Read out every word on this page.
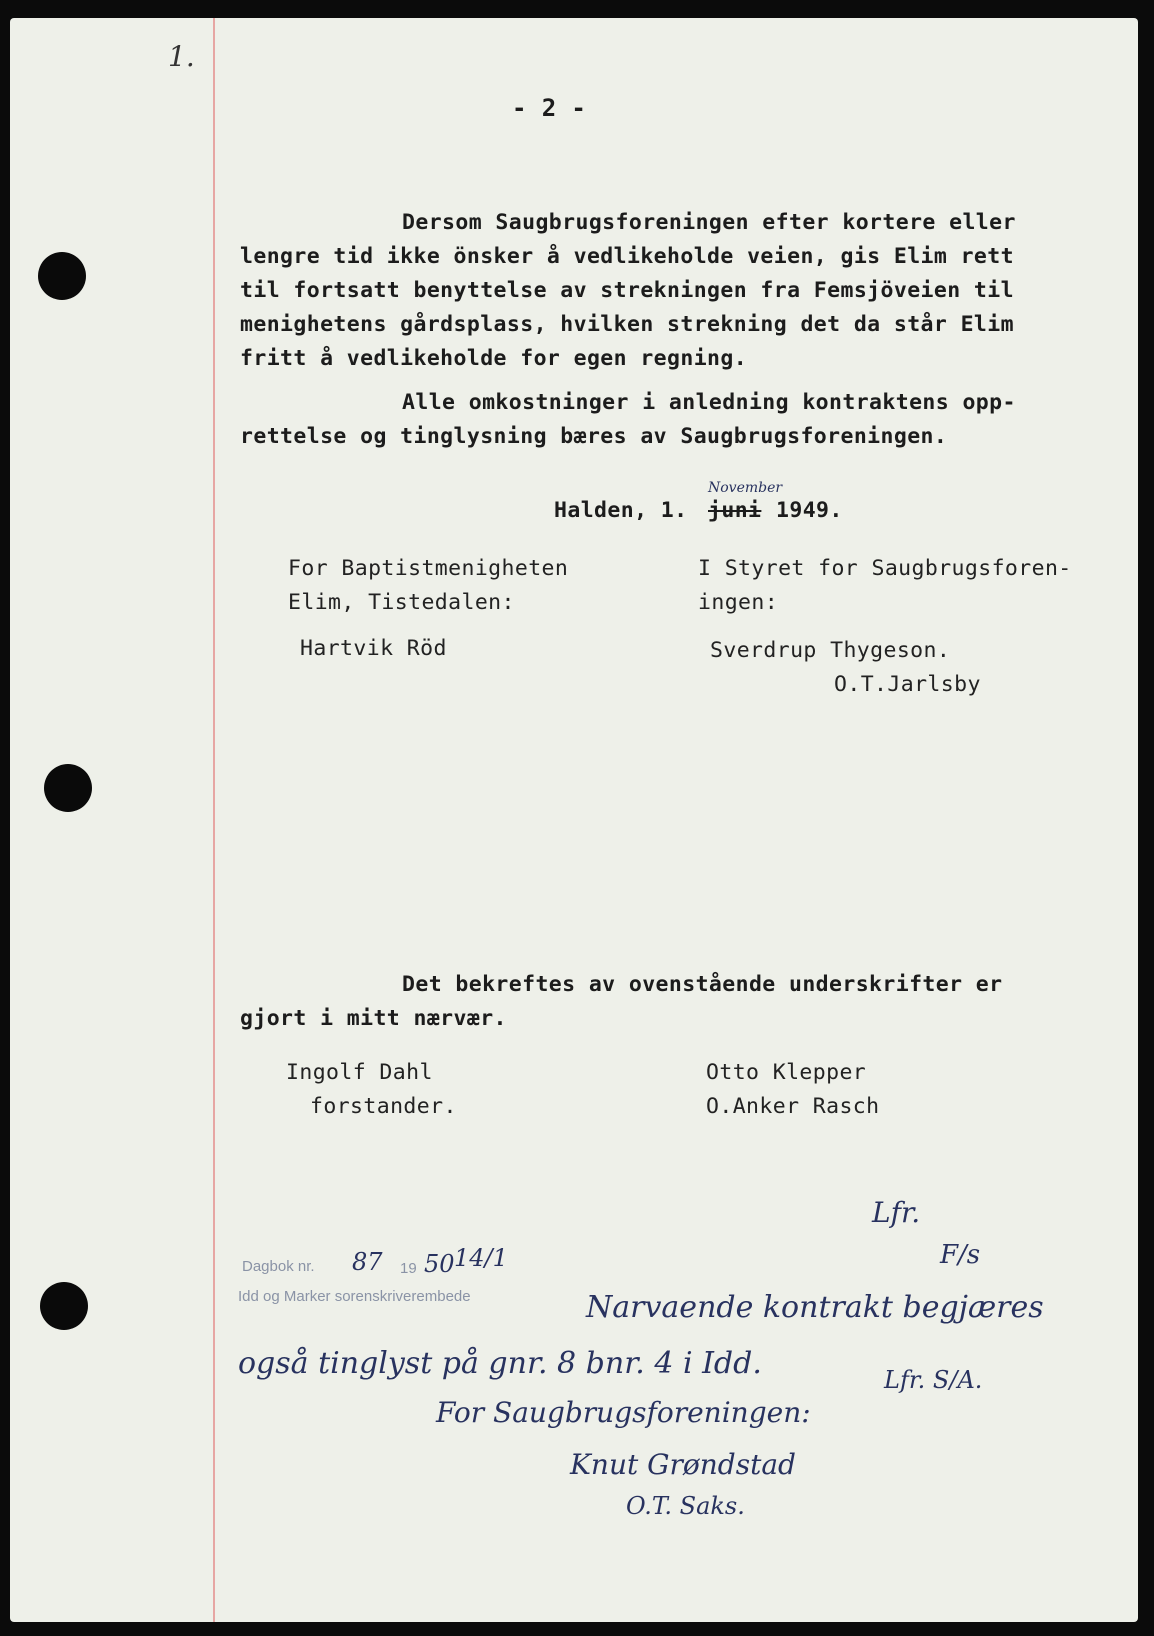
1.
- 2 -
Dersom Saugbrugsforeningen efter kortere eller
lengre tid ikke önsker å vedlikeholde veien, gis Elim rett
til fortsatt benyttelse av strekningen fra Femsjöveien til
menighetens gårdsplass, hvilken strekning det da står Elim
fritt å vedlikeholde for egen regning.
Alle omkostninger i anledning kontraktens opp-
rettelse og tinglysning bæres av Saugbrugsforeningen.
November
Halden, 1. juni 1949.
For Baptistmenigheten
Elim, Tistedalen:
Hartvik Röd
I Styret for Saugbrugsforen-
ingen:
Sverdrup Thygeson.
O.T.Jarlsby
Det bekreftes av ovenstående underskrifter er
gjort i mitt nærvær.
Ingolf Dahl
forstander.
Otto Klepper
O.Anker Rasch
Lfr.
F/s
Dagbok nr. 87 19 50 14/1
Idd og Marker sorenskriverembede	Narvaende kontrakt begjæres
også tinglyst på gnr. 8 bnr. 4 i Idd.	Lfr. S/A.
For Saugbrugsforeningen:
Knut Grøndstad
O.T. Saks.
